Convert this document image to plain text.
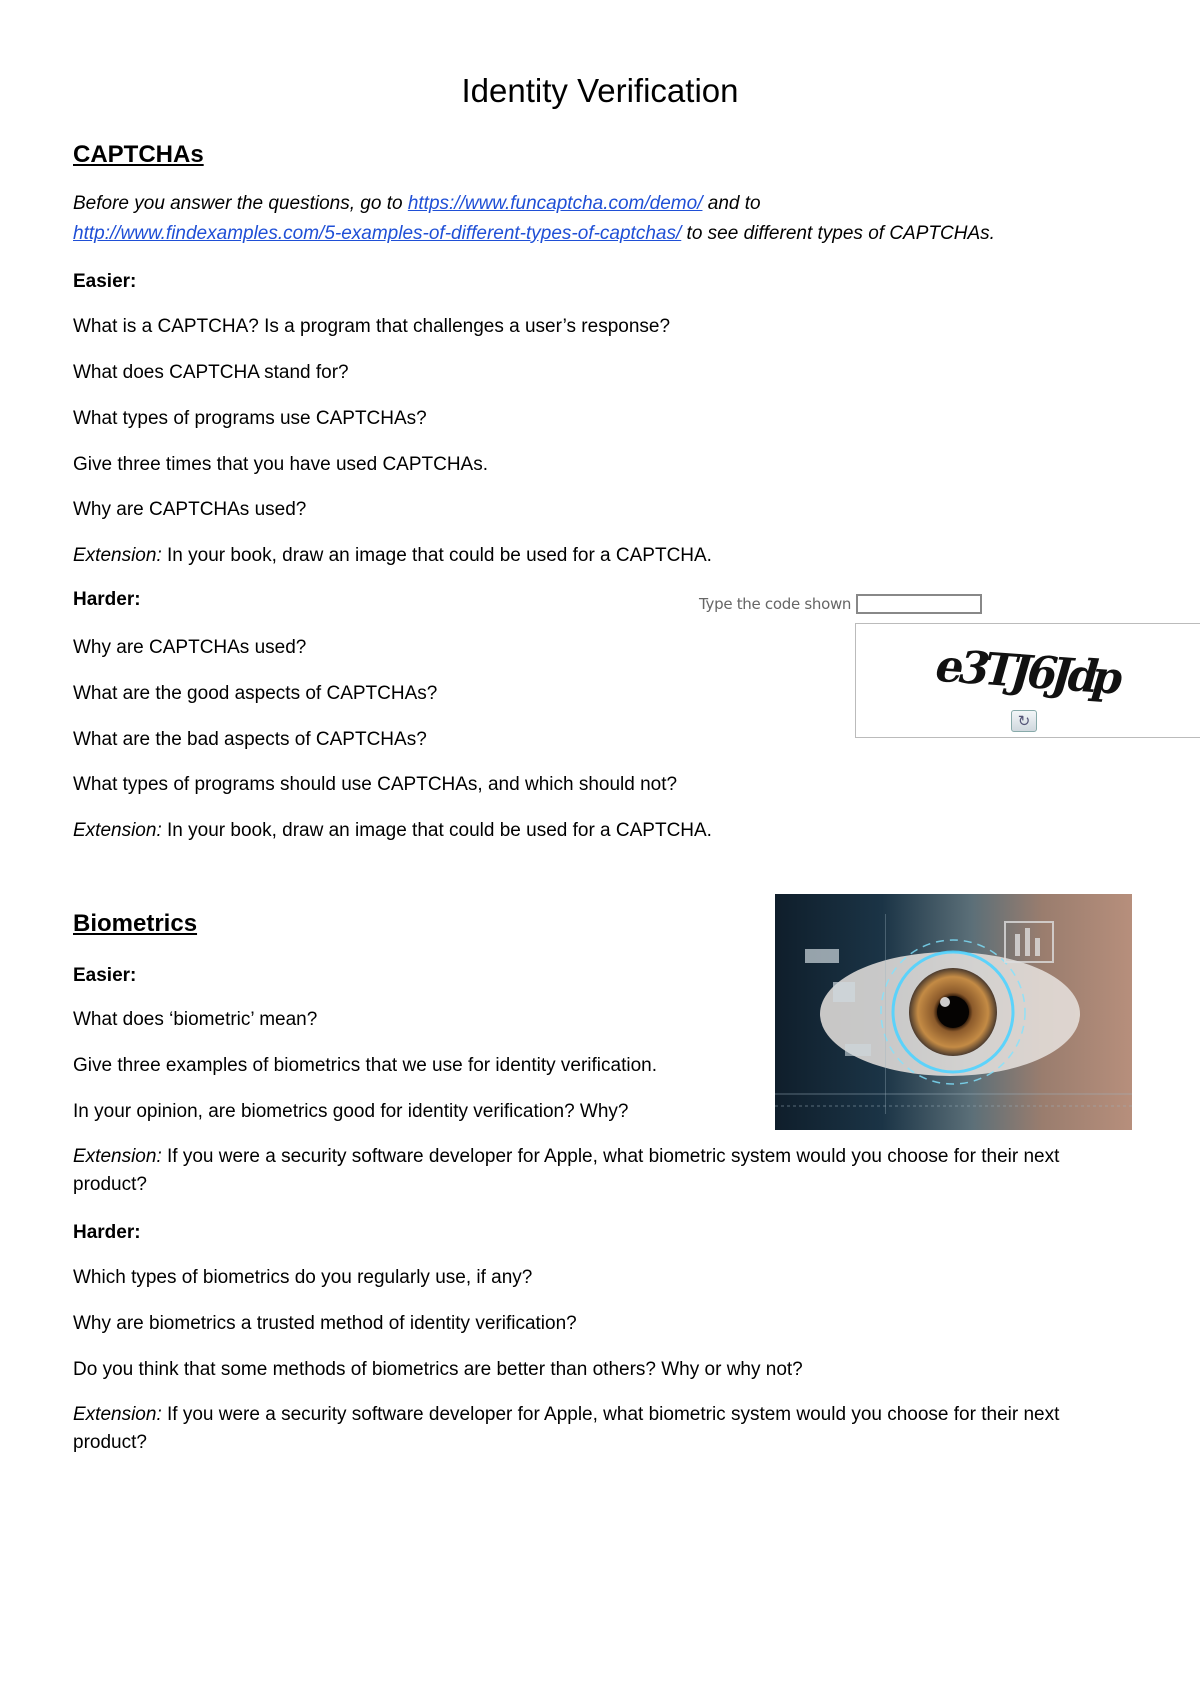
Identity Verification
CAPTCHAs
Before you answer the questions, go to https://www.funcaptcha.com/demo/ and to
http://www.findexamples.com/5-examples-of-different-types-of-captchas/ to see different types of CAPTCHAs.
Easier:
What is a CAPTCHA? Is a program that challenges a user’s response?
What does CAPTCHA stand for?
What types of programs use CAPTCHAs?
Give three times that you have used CAPTCHAs.
Why are CAPTCHAs used?
Extension: In your book, draw an image that could be used for a CAPTCHA.
Harder:
Why are CAPTCHAs used?
What are the good aspects of CAPTCHAs?
What are the bad aspects of CAPTCHAs?
What types of programs should use CAPTCHAs, and which should not?
Extension: In your book, draw an image that could be used for a CAPTCHA.
Type the code shown
e3TJ6Jdp
↻
Biometrics
Easier:
What does ‘biometric’ mean?
Give three examples of biometrics that we use for identity verification.
In your opinion, are biometrics good for identity verification? Why?
Extension: If you were a security software developer for Apple, what biometric system would you choose for their next product?
Harder:
Which types of biometrics do you regularly use, if any?
Why are biometrics a trusted method of identity verification?
Do you think that some methods of biometrics are better than others? Why or why not?
Extension: If you were a security software developer for Apple, what biometric system would you choose for their next product?
